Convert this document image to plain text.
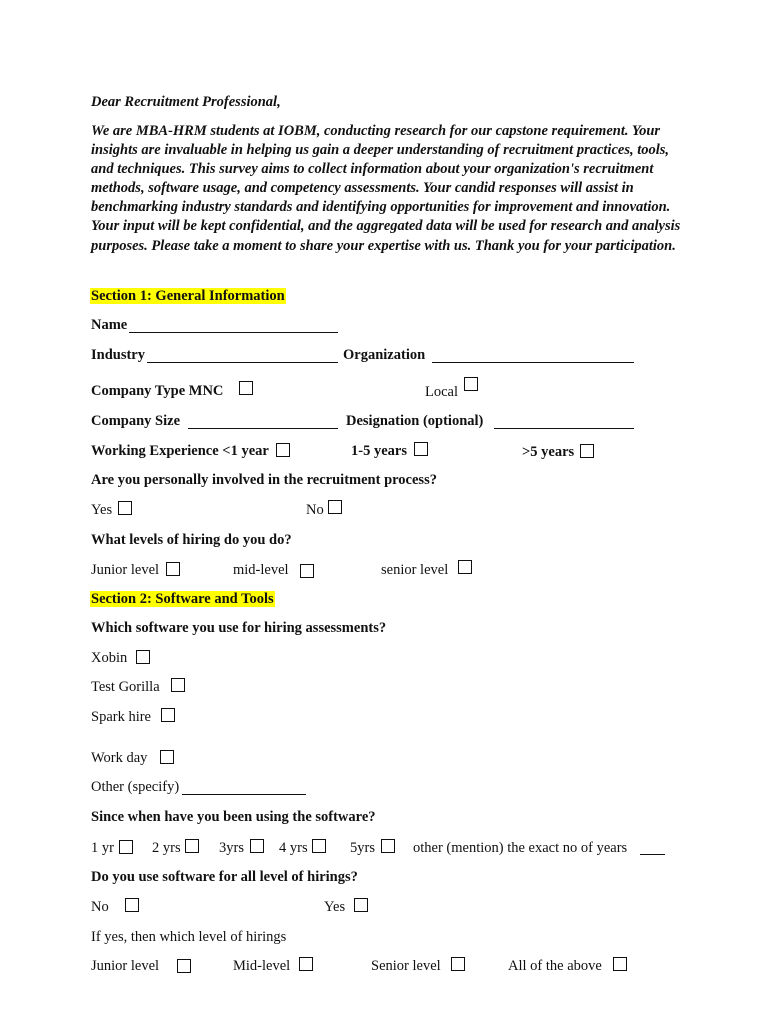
Dear Recruitment Professional,
We are MBA-HRM students at IOBM, conducting research for our capstone requirement. Your insights are invaluable in helping us gain a deeper understanding of recruitment practices, tools, and techniques. This survey aims to collect information about your organization's recruitment methods, software usage, and competency assessments. Your candid responses will assist in benchmarking industry standards and identifying opportunities for improvement and innovation. Your input will be kept confidential, and the aggregated data will be used for research and analysis purposes. Please take a moment to share your expertise with us. Thank you for your participation.
Section 1: General Information
Name
Industry	Organization
Company Type MNC	Local
Company Size	Designation (optional)
Working Experience <1 year	1-5 years	>5 years
Are you personally involved in the recruitment process?
Yes	No
What levels of hiring do you do?
Junior level	mid-level	senior level
Section 2: Software and Tools
Which software you use for hiring assessments?
Xobin
Test Gorilla
Spark hire
Work day
Other (specify)
Since when have you been using the software?
1 yr	2 yrs	3yrs 4 yrs	5yrs	other (mention) the exact no of years
Do you use software for all level of hirings?
No	Yes
If yes, then which level of hirings
Junior level	Mid-level	Senior level	All of the above
